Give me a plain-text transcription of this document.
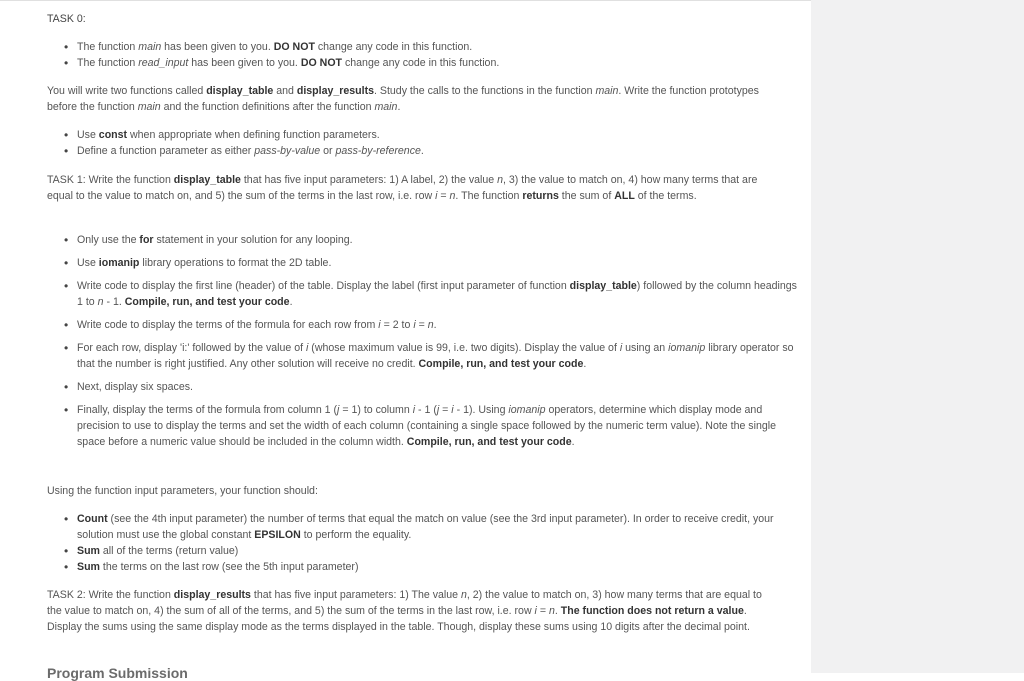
TASK 0:
• The function main has been given to you. DO NOT change any code in this function.
• The function read_input has been given to you. DO NOT change any code in this function.

You will write two functions called display_table and display_results. Study the calls to the functions in the function main. Write the function prototypes before the function main and the function definitions after the function main.

• Use const when appropriate when defining function parameters.
• Define a function parameter as either pass-by-value or pass-by-reference.

TASK 1: Write the function display_table that has five input parameters: 1) A label, 2) the value n, 3) the value to match on, 4) how many terms that are equal to the value to match on, and 5) the sum of the terms in the last row, i.e. row i = n. The function returns the sum of ALL of the terms.

• Only use the for statement in your solution for any looping.
• Use iomanip library operations to format the 2D table.
• Write code to display the first line (header) of the table. Display the label (first input parameter of function display_table) followed by the column headings 1 to n - 1. Compile, run, and test your code.
• Write code to display the terms of the formula for each row from i = 2 to i = n.
• For each row, display 'i:' followed by the value of i (whose maximum value is 99, i.e. two digits). Display the value of i using an iomanip library operator so that the number is right justified. Any other solution will receive no credit. Compile, run, and test your code.
• Next, display six spaces.
• Finally, display the terms of the formula from column 1 (j = 1) to column i - 1 (j = i - 1). Using iomanip operators, determine which display mode and precision to use to display the terms and set the width of each column (containing a single space followed by the numeric term value). Note the single space before a numeric value should be included in the column width. Compile, run, and test your code.

Using the function input parameters, your function should:

• Count (see the 4th input parameter) the number of terms that equal the match on value (see the 3rd input parameter). In order to receive credit, your solution must use the global constant EPSILON to perform the equality.
• Sum all of the terms (return value)
• Sum the terms on the last row (see the 5th input parameter)

TASK 2: Write the function display_results that has five input parameters: 1) The value n, 2) the value to match on, 3) how many terms that are equal to the value to match on, 4) the sum of all of the terms, and 5) the sum of the terms in the last row, i.e. row i = n. The function does not return a value. Display the sums using the same display mode as the terms displayed in the table. Though, display these sums using 10 digits after the decimal point.

Program Submission
